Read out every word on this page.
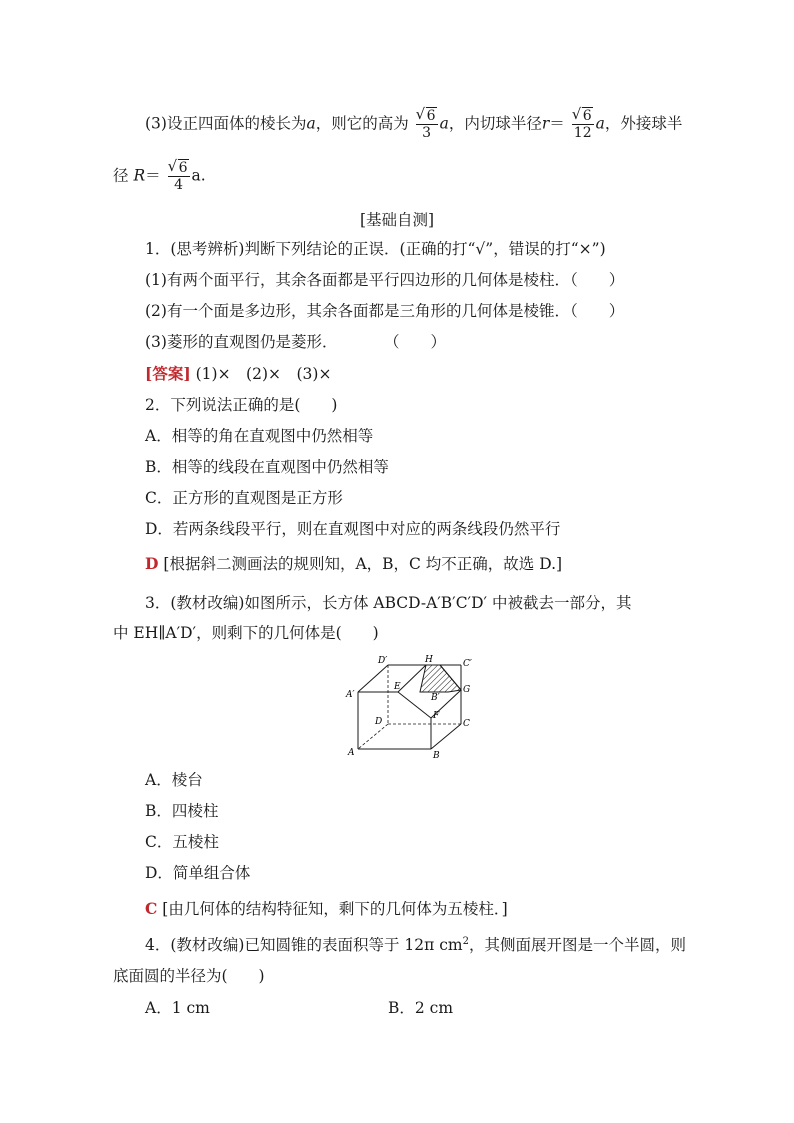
(3)设正四面体的棱长为a，则它的高为 √ $\frac{6}{3}$ a，内切球半径r＝ √ $\frac{6}{12}$ a，外接球半
径 R＝ √ $\frac{6}{4} a$.
[基础自测]
1．(思考辨析)判断下列结论的正误．(正确的打“√”，错误的打“×”)
(1)有两个面平行，其余各面都是平行四边形的几何体是棱柱．（　　）
(2)有一个面是多边形，其余各面都是三角形的几何体是棱锥．（　　）
(3)菱形的直观图仍是菱形．　　　　（　　）
[答案] (1)×　(2)×　(3)×
2．下列说法正确的是(　　)
A．相等的角在直观图中仍然相等
B．相等的线段在直观图中仍然相等
C．正方形的直观图是正方形
D．若两条线段平行，则在直观图中对应的两条线段仍然平行
D [根据斜二测画法的规则知，A，B，C 均不正确，故选 D.]
3．(教材改编)如图所示，长方体 ABCD-A′B′C′D′ 中被截去一部分，其
中 EH∥A′D′，则剩下的几何体是(　　)
D′	H	C′
A′
E	G
B′
D
F
C
A	B
A．棱台
B．四棱柱
C．五棱柱
D．简单组合体
C [由几何体的结构特征知，剩下的几何体为五棱柱．]
4．(教材改编)已知圆锥的表面积等于 12π $cm^2$，其侧面展开图是一个半圆，则
底面圆的半径为(　　)
A．1 cm	B．2 cm
